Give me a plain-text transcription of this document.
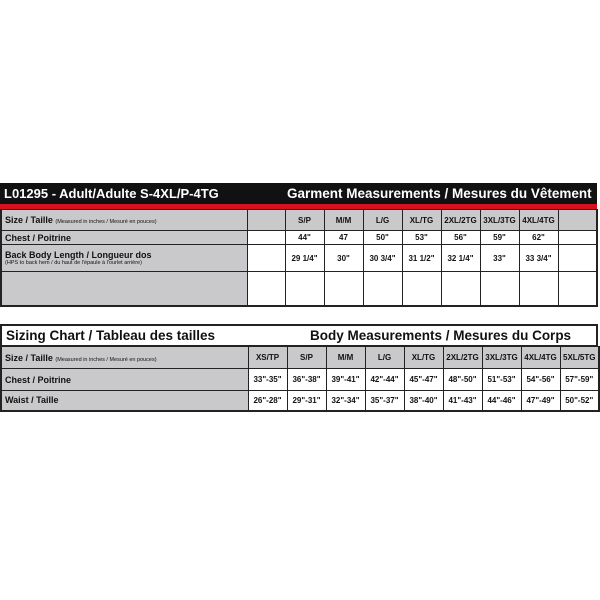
L01295 - Adult/Adulte S-4XL/P-4TG	Garment Measurements / Mesures du Vêtement
Size / Taille (Measured in inches / Mesuré en pouces)		S/P	M/M	L/G	XL/TG	2XL/2TG	3XL/3TG	4XL/4TG	
Chest / Poitrine		44"	47	50"	53"	56"	59"	62"	
Back Body Length / Longueur dos
(HPS to back hem / du haut de l'épaule à l'ourlet arrière)		29 1/4"	30"	30 3/4"	31 1/2"	32 1/4"	33"	33 3/4"	

Sizing Chart / Tableau des tailles	Body Measurements / Mesures du Corps
Size / Taille (Measured in inches / Mesuré en pouces)	XS/TP	S/P	M/M	L/G	XL/TG	2XL/2TG	3XL/3TG	4XL/4TG	5XL/5TG
Chest / Poitrine	33"-35"	36"-38"	39"-41"	42"-44"	45"-47"	48"-50"	51"-53"	54"-56"	57"-59"
Waist / Taille	26"-28"	29"-31"	32"-34"	35"-37"	38"-40"	41"-43"	44"-46"	47"-49"	50"-52"
